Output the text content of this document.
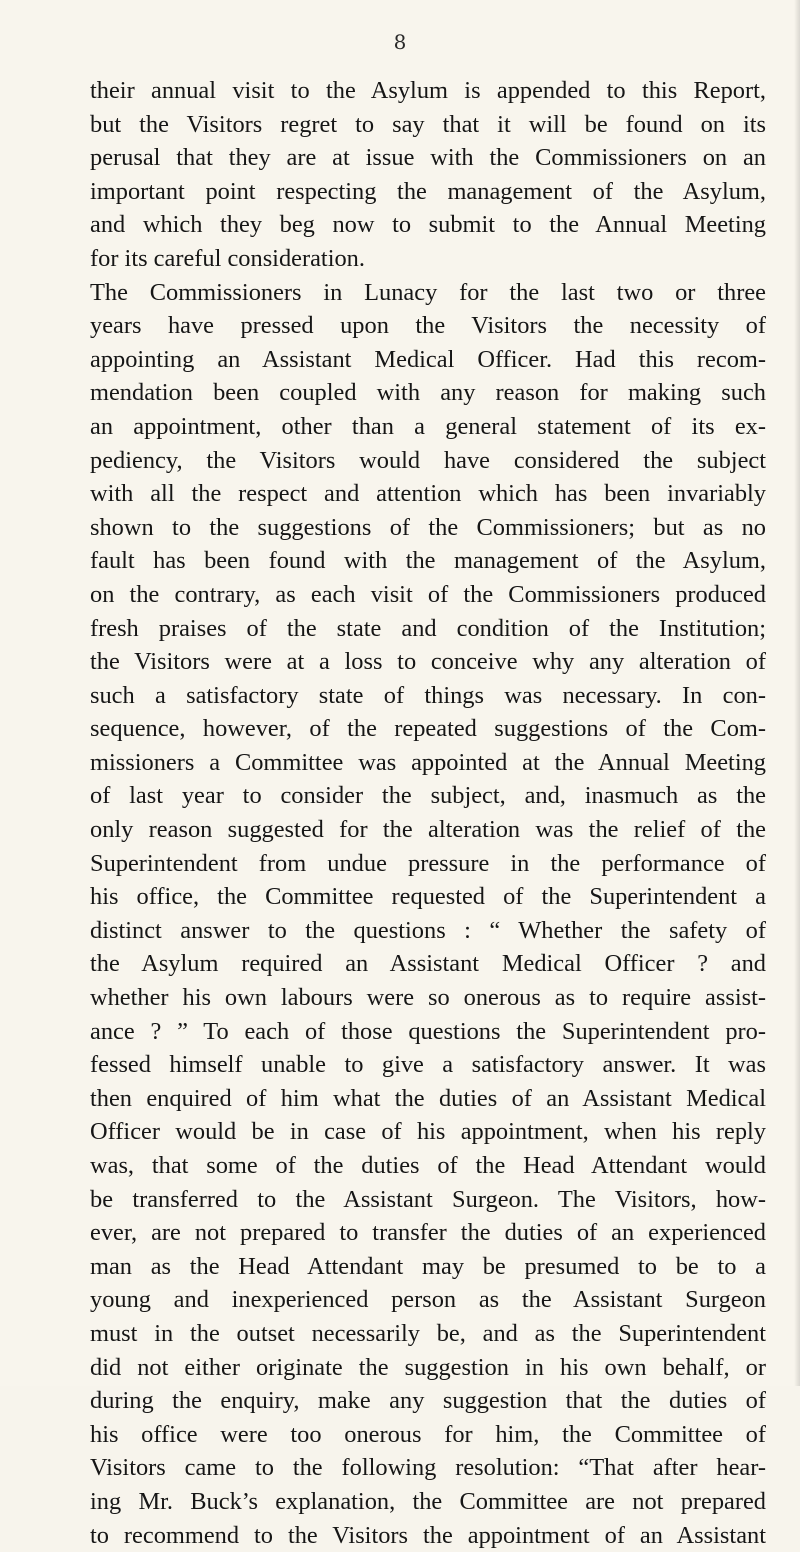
8
their annual visit to the Asylum is appended to this Report,
but the Visitors regret to say that it will be found on its
perusal that they are at issue with the Commissioners on an
important point respecting the management of the Asylum,
and which they beg now to submit to the Annual Meeting
for its careful consideration.
The Commissioners in Lunacy for the last two or three
years have pressed upon the Visitors the necessity of
appointing an Assistant Medical Officer. Had this recom-
mendation been coupled with any reason for making such
an appointment, other than a general statement of its ex-
pediency, the Visitors would have considered the subject
with all the respect and attention which has been invariably
shown to the suggestions of the Commissioners; but as no
fault has been found with the management of the Asylum,
on the contrary, as each visit of the Commissioners produced
fresh praises of the state and condition of the Institution;
the Visitors were at a loss to conceive why any alteration of
such a satisfactory state of things was necessary. In con-
sequence, however, of the repeated suggestions of the Com-
missioners a Committee was appointed at the Annual Meeting
of last year to consider the subject, and, inasmuch as the
only reason suggested for the alteration was the relief of the
Superintendent from undue pressure in the performance of
his office, the Committee requested of the Superintendent a
distinct answer to the questions : “ Whether the safety of
the Asylum required an Assistant Medical Officer ? and
whether his own labours were so onerous as to require assist-
ance ? ” To each of those questions the Superintendent pro-
fessed himself unable to give a satisfactory answer. It was
then enquired of him what the duties of an Assistant Medical
Officer would be in case of his appointment, when his reply
was, that some of the duties of the Head Attendant would
be transferred to the Assistant Surgeon. The Visitors, how-
ever, are not prepared to transfer the duties of an experienced
man as the Head Attendant may be presumed to be to a
young and inexperienced person as the Assistant Surgeon
must in the outset necessarily be, and as the Superintendent
did not either originate the suggestion in his own behalf, or
during the enquiry, make any suggestion that the duties of
his office were too onerous for him, the Committee of
Visitors came to the following resolution: “That after hear-
ing Mr. Buck’s explanation, the Committee are not prepared
to recommend to the Visitors the appointment of an Assistant
